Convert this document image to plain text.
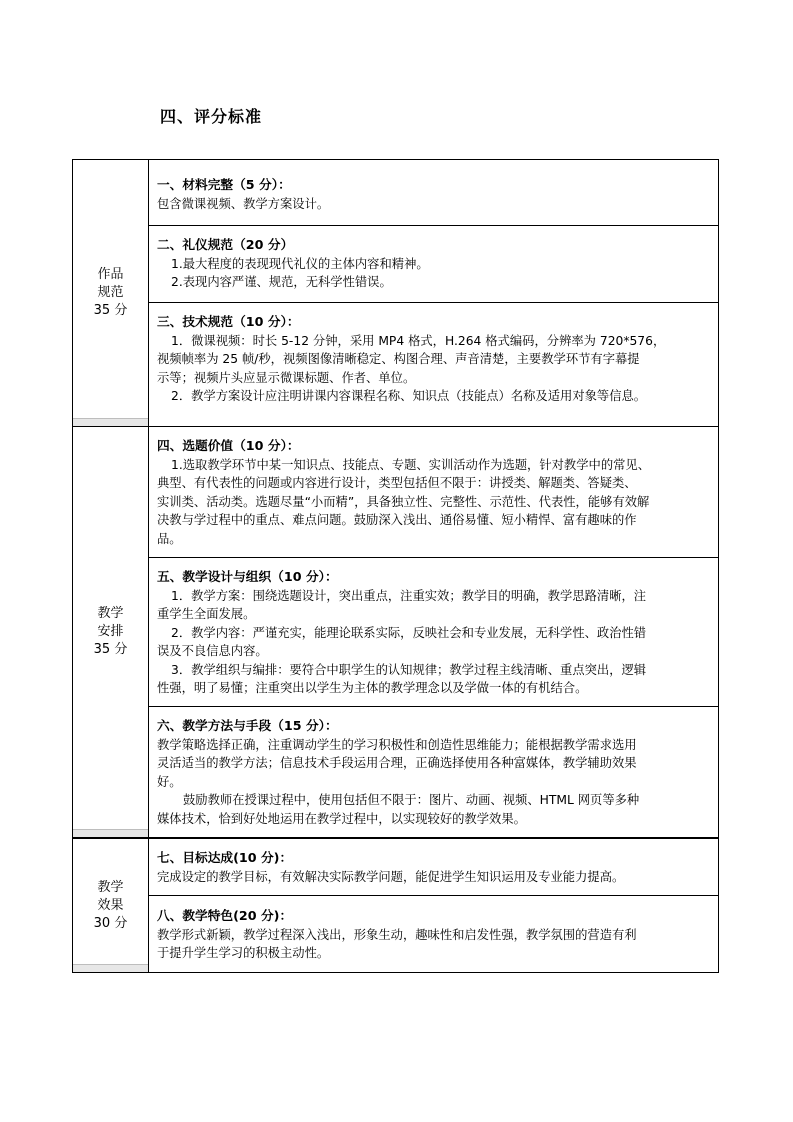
四、评分标准
作品
规范
35 分
教学
安排
35 分
教学
效果
30 分
一、材料完整（5 分）：
包含微课视频、教学方案设计。
二、礼仪规范（20 分）
1.最大程度的表现现代礼仪的主体内容和精神。
2.表现内容严谨、规范，无科学性错误。
三、技术规范（10 分）：
1．微课视频：时长 5-12 分钟，采用 MP4 格式，H.264 格式编码，分辨率为 720*576，
视频帧率为 25 帧/秒，视频图像清晰稳定、构图合理、声音清楚，主要教学环节有字幕提
示等；视频片头应显示微课标题、作者、单位。
2．教学方案设计应注明讲课内容课程名称、知识点（技能点）名称及适用对象等信息。
四、选题价值（10 分）：
1.选取教学环节中某一知识点、技能点、专题、实训活动作为选题，针对教学中的常见、
典型、有代表性的问题或内容进行设计，类型包括但不限于：讲授类、解题类、答疑类、
实训类、活动类。选题尽量“小而精”，具备独立性、完整性、示范性、代表性，能够有效解
决教与学过程中的重点、难点问题。鼓励深入浅出、通俗易懂、短小精悍、富有趣味的作
品。
五、教学设计与组织（10 分）：
1．教学方案：围绕选题设计，突出重点，注重实效；教学目的明确，教学思路清晰，注
重学生全面发展。
2．教学内容：严谨充实，能理论联系实际，反映社会和专业发展，无科学性、政治性错
误及不良信息内容。
3．教学组织与编排：要符合中职学生的认知规律；教学过程主线清晰、重点突出，逻辑
性强，明了易懂；注重突出以学生为主体的教学理念以及学做一体的有机结合。
六、教学方法与手段（15 分）：
教学策略选择正确，注重调动学生的学习积极性和创造性思维能力；能根据教学需求选用
灵活适当的教学方法；信息技术手段运用合理，正确选择使用各种富媒体，教学辅助效果
好。
鼓励教师在授课过程中，使用包括但不限于：图片、动画、视频、HTML 网页等多种
媒体技术，恰到好处地运用在教学过程中，以实现较好的教学效果。
七、目标达成(10 分)：
完成设定的教学目标，有效解决实际教学问题，能促进学生知识运用及专业能力提高。
八、教学特色(20 分)：
教学形式新颖，教学过程深入浅出，形象生动，趣味性和启发性强，教学氛围的营造有利
于提升学生学习的积极主动性。
